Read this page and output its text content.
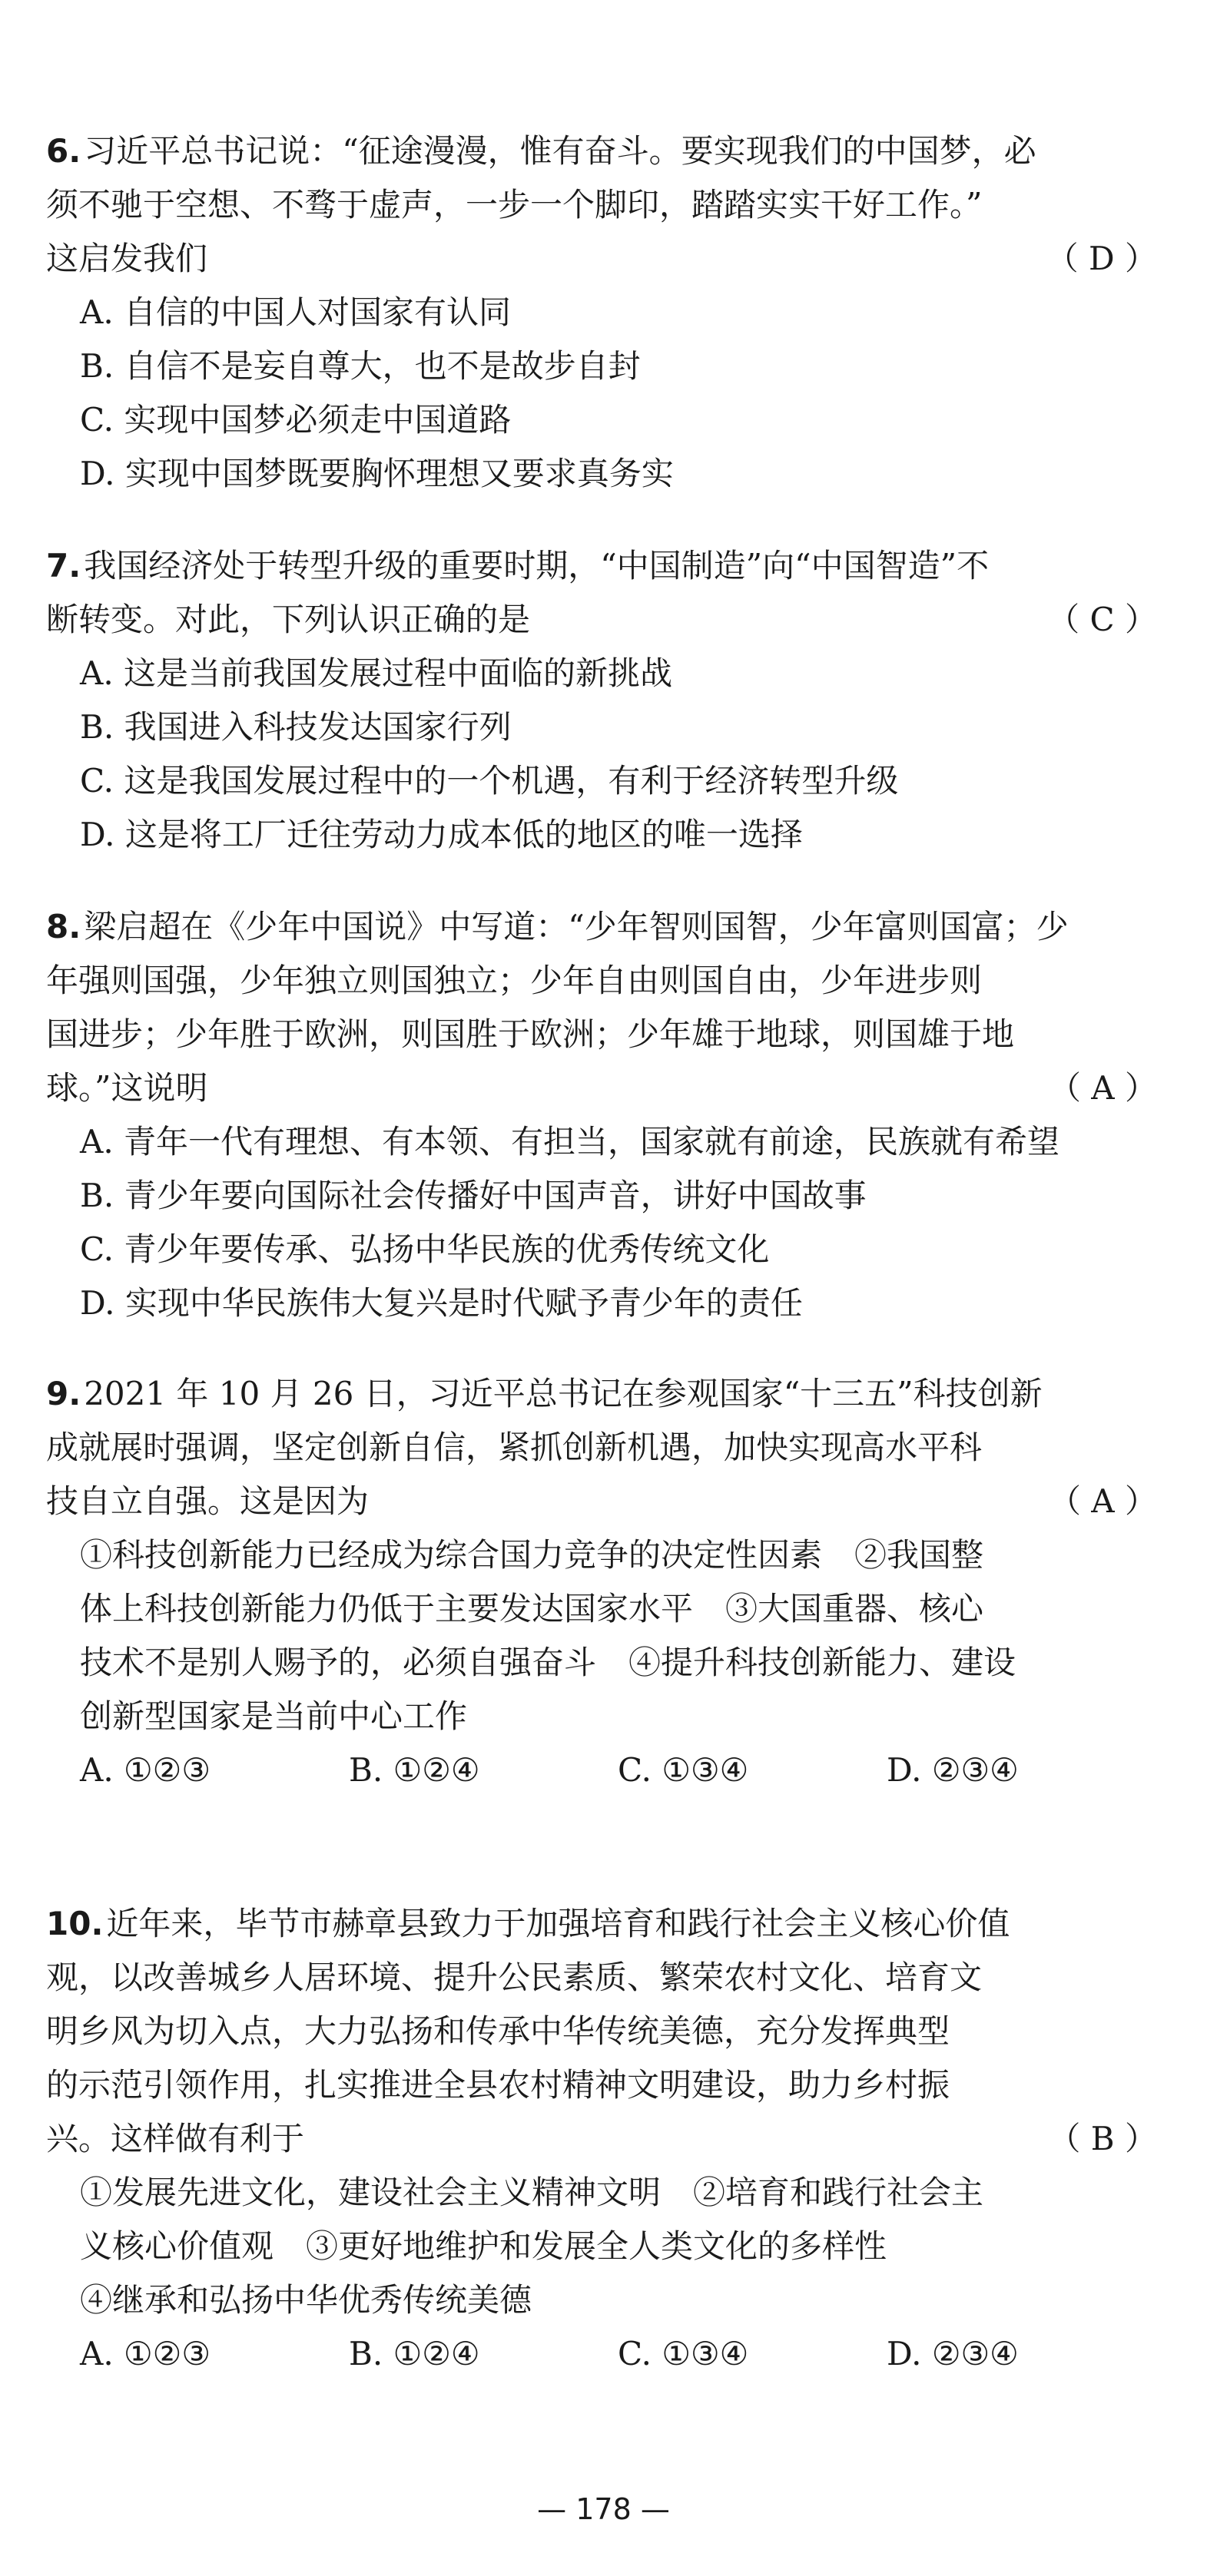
6.习近平总书记说：“征途漫漫，惟有奋斗。要实现我们的中国梦，必
须不驰于空想、不骛于虚声，一步一个脚印，踏踏实实干好工作。”

这启发我们	（ D ）

A. 自信的中国人对国家有认同

B. 自信不是妄自尊大，也不是故步自封

C. 实现中国梦必须走中国道路

D. 实现中国梦既要胸怀理想又要求真务实

7.我国经济处于转型升级的重要时期，“中国制造”向“中国智造”不

断转变。对此，下列认识正确的是	（ C ）

A. 这是当前我国发展过程中面临的新挑战

B. 我国进入科技发达国家行列

C. 这是我国发展过程中的一个机遇，有利于经济转型升级

D. 这是将工厂迁往劳动力成本低的地区的唯一选择

8.梁启超在《少年中国说》中写道：“少年智则国智，少年富则国富；少
年强则国强，少年独立则国独立；少年自由则国自由，少年进步则
国进步；少年胜于欧洲，则国胜于欧洲；少年雄于地球，则国雄于地

球。”这说明	（ A ）

A. 青年一代有理想、有本领、有担当，国家就有前途，民族就有希望

B. 青少年要向国际社会传播好中国声音，讲好中国故事

C. 青少年要传承、弘扬中华民族的优秀传统文化

D. 实现中华民族伟大复兴是时代赋予青少年的责任

9.2021 年 10 月 26 日，习近平总书记在参观国家“十三五”科技创新
成就展时强调，坚定创新自信，紧抓创新机遇，加快实现高水平科

技自立自强。这是因为	（ A ）

①科技创新能力已经成为综合国力竞争的决定性因素　②我国整
体上科技创新能力仍低于主要发达国家水平　③大国重器、核心
技术不是别人赐予的，必须自强奋斗　④提升科技创新能力、建设
创新型国家是当前中心工作

A. ①②③	B. ①②④	C. ①③④	D. ②③④

10.近年来，毕节市赫章县致力于加强培育和践行社会主义核心价值
观，以改善城乡人居环境、提升公民素质、繁荣农村文化、培育文
明乡风为切入点，大力弘扬和传承中华传统美德，充分发挥典型
的示范引领作用，扎实推进全县农村精神文明建设，助力乡村振

兴。这样做有利于	（ B ）

①发展先进文化，建设社会主义精神文明　②培育和践行社会主
义核心价值观　③更好地维护和发展全人类文化的多样性
④继承和弘扬中华优秀传统美德

A. ①②③	B. ①②④	C. ①③④	D. ②③④
— 178 —
